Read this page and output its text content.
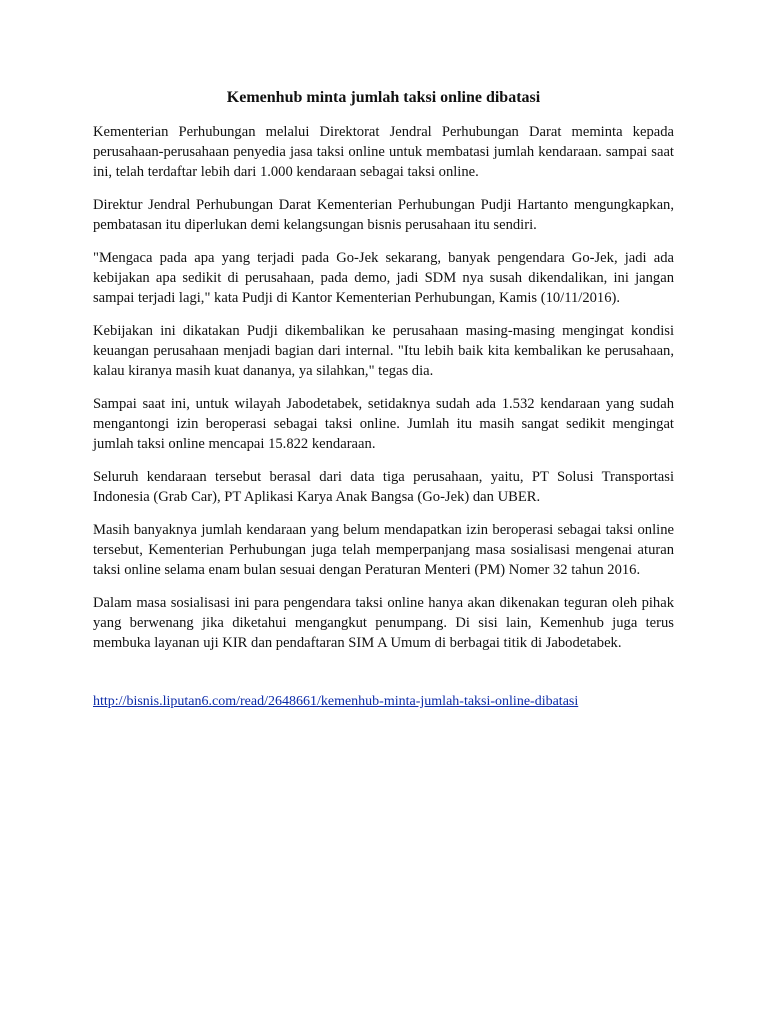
Kemenhub minta jumlah taksi online dibatasi

Kementerian Perhubungan melalui Direktorat Jendral Perhubungan Darat meminta kepada perusahaan-perusahaan penyedia jasa taksi online untuk membatasi jumlah kendaraan. sampai saat ini, telah terdaftar lebih dari 1.000 kendaraan sebagai taksi online.

Direktur Jendral Perhubungan Darat Kementerian Perhubungan Pudji Hartanto mengungkapkan, pembatasan itu diperlukan demi kelangsungan bisnis perusahaan itu sendiri.

"Mengaca pada apa yang terjadi pada Go-Jek sekarang, banyak pengendara Go-Jek, jadi ada kebijakan apa sedikit di perusahaan, pada demo, jadi SDM nya susah dikendalikan, ini jangan sampai terjadi lagi," kata Pudji di Kantor Kementerian Perhubungan, Kamis (10/11/2016).

Kebijakan ini dikatakan Pudji dikembalikan ke perusahaan masing-masing mengingat kondisi keuangan perusahaan menjadi bagian dari internal. "Itu lebih baik kita kembalikan ke perusahaan, kalau kiranya masih kuat dananya, ya silahkan," tegas dia.

Sampai saat ini, untuk wilayah Jabodetabek, setidaknya sudah ada 1.532 kendaraan yang sudah mengantongi izin beroperasi sebagai taksi online. Jumlah itu masih sangat sedikit mengingat jumlah taksi online mencapai 15.822 kendaraan.

Seluruh kendaraan tersebut berasal dari data tiga perusahaan, yaitu, PT Solusi Transportasi Indonesia (Grab Car), PT Aplikasi Karya Anak Bangsa (Go-Jek) dan UBER.

Masih banyaknya jumlah kendaraan yang belum mendapatkan izin beroperasi sebagai taksi online tersebut, Kementerian Perhubungan juga telah memperpanjang masa sosialisasi mengenai aturan taksi online selama enam bulan sesuai dengan Peraturan Menteri (PM) Nomer 32 tahun 2016.

Dalam masa sosialisasi ini para pengendara taksi online hanya akan dikenakan teguran oleh pihak yang berwenang jika diketahui mengangkut penumpang. Di sisi lain, Kemenhub juga terus membuka layanan uji KIR dan pendaftaran SIM A Umum di berbagai titik di Jabodetabek.

http://bisnis.liputan6.com/read/2648661/kemenhub-minta-jumlah-taksi-online-dibatasi
